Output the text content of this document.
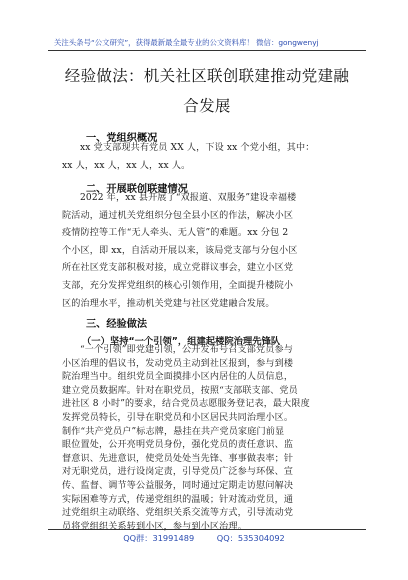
关注头条号“公文研究”，获得最新最全最专业的公文资料库！ 微信：gongwenyj
经验做法：机关社区联创联建推动党建融
合发展
一、党组织概况
xx 党支部现共有党员 XX 人，下设 xx 个党小组，其中：
xx 人，xx 人，xx 人，xx 人。
二、开展联创联建情况
2022 年，xx 县开展了“双报道、双服务”建设幸福楼
院活动，通过机关党组织分包全县小区的作法，解决小区
疫情防控等工作“无人牵头、无人管”的难题。xx 分包 2
个小区，即 xx，自活动开展以来，该局党支部与分包小区
所在社区党支部积极对接，成立党群议事会，建立小区党
支部，充分发挥党组织的核心引领作用，全面提升楼院小
区的治理水平，推动机关党建与社区党建融合发展。
三、经验做法
（一）坚持“一个引领”，组建起楼院治理先锋队
“一个引领”即党建引领，公开发布号召支部党员参与
小区治理的倡议书，发动党员主动到社区报到，参与到楼
院治理当中。组织党员全面摸排小区内居住的人员信息，
建立党员数据库。针对在职党员，按照“支部联支部、党员
进社区 8 小时”的要求，结合党员志愿服务登记表，最大限度
发挥党员特长，引导在职党员和小区居民共同治理小区。
制作“共产党员户”标志牌，悬挂在共产党员家庭门前显
眼位置处，公开亮明党员身份，强化党员的责任意识、监
督意识、先进意识，使党员处处当先锋、事事做表率；针
对无职党员，进行设岗定责，引导党员广泛参与环保、宣
传、监督、调节等公益服务，同时通过定期走访慰问解决
实际困难等方式，传递党组织的温暖；针对流动党员，通
过党组织主动联络、党组织关系交流等方式，引导流动党
员将党组织关系转到小区，参与到小区治理。
QQ群：31991489	QQ：535304092
